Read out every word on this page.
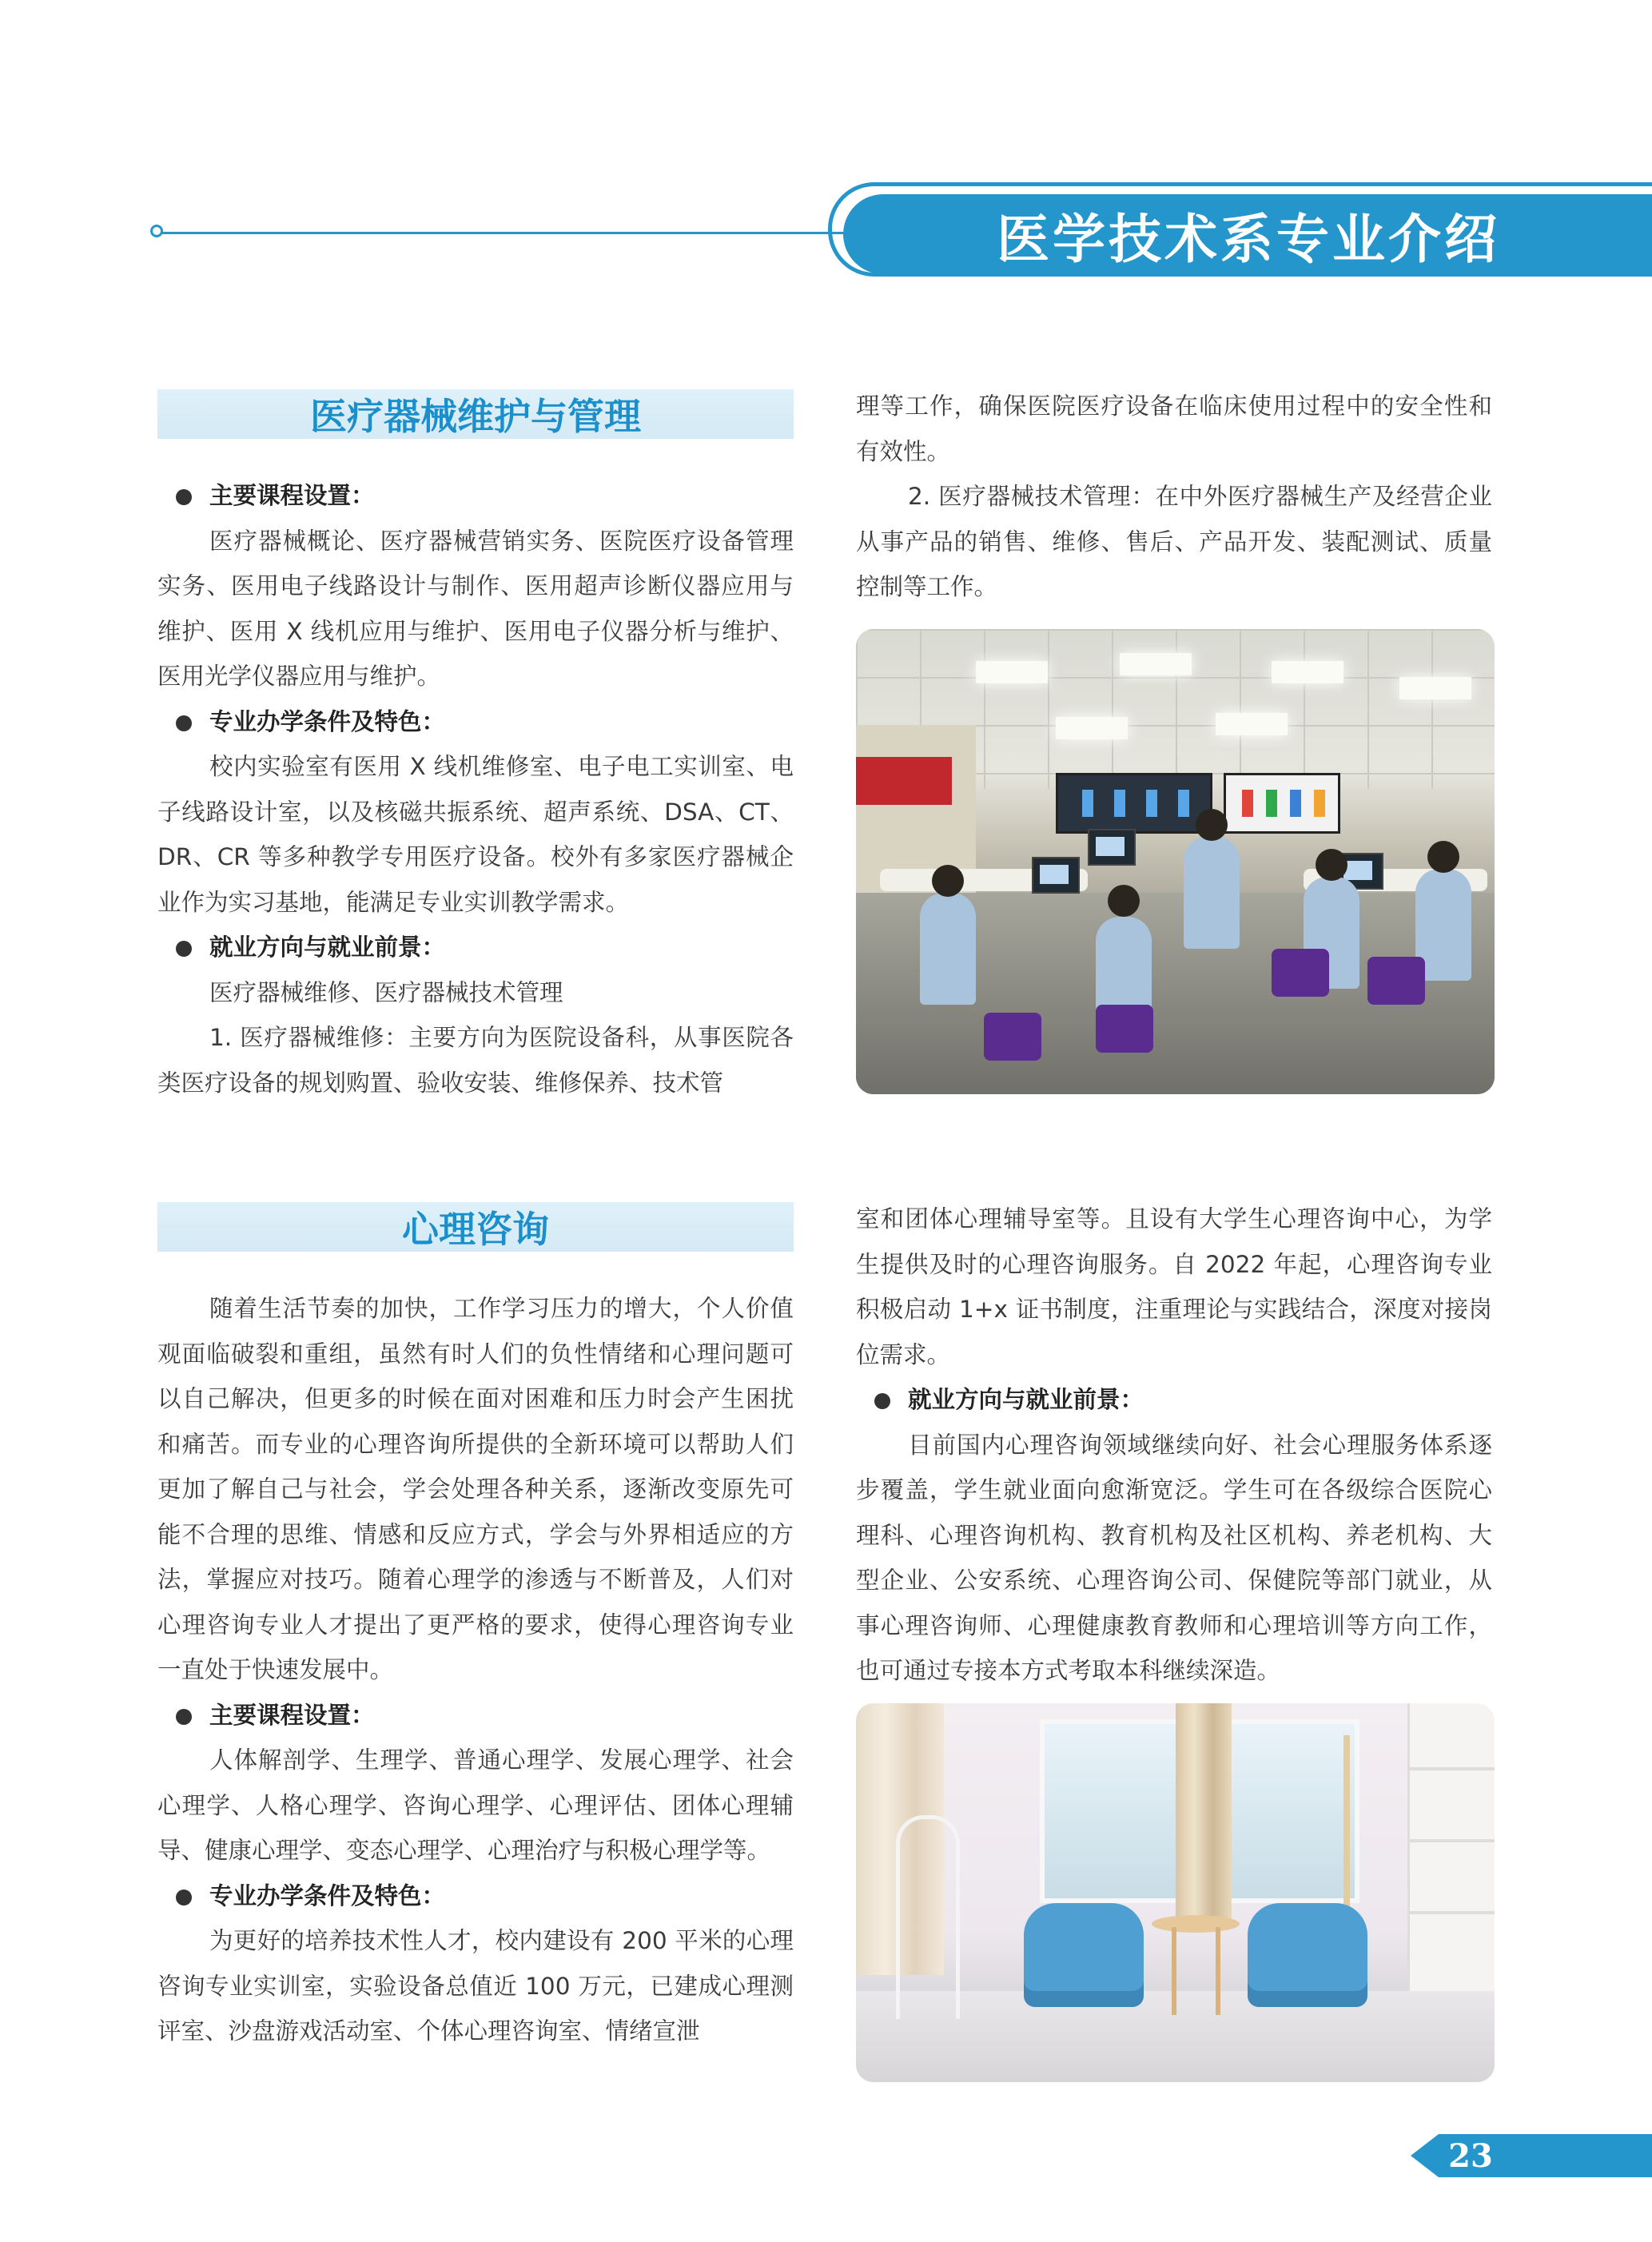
医学技术系专业介绍
医疗器械维护与管理

主要课程设置：

医疗器械概论、医疗器械营销实务、医院医疗设备管理实务、医用电子线路设计与制作、医用超声诊断仪器应用与维护、医用 X 线机应用与维护、医用电子仪器分析与维护、医用光学仪器应用与维护。

专业办学条件及特色：

校内实验室有医用 X 线机维修室、电子电工实训室、电子线路设计室，以及核磁共振系统、超声系统、DSA、CT、DR、CR 等多种教学专用医疗设备。校外有多家医疗器械企业作为实习基地，能满足专业实训教学需求。

就业方向与就业前景：

医疗器械维修、医疗器械技术管理

1. 医疗器械维修：主要方向为医院设备科，从事医院各类医疗设备的规划购置、验收安装、维修保养、技术管

理等工作，确保医院医疗设备在临床使用过程中的安全性和有效性。

2. 医疗器械技术管理：在中外医疗器械生产及经营企业从事产品的销售、维修、售后、产品开发、装配测试、质量控制等工作。

心理咨询

随着生活节奏的加快，工作学习压力的增大，个人价值观面临破裂和重组，虽然有时人们的负性情绪和心理问题可以自己解决，但更多的时候在面对困难和压力时会产生困扰和痛苦。而专业的心理咨询所提供的全新环境可以帮助人们更加了解自己与社会，学会处理各种关系，逐渐改变原先可能不合理的思维、情感和反应方式，学会与外界相适应的方法，掌握应对技巧。随着心理学的渗透与不断普及，人们对心理咨询专业人才提出了更严格的要求，使得心理咨询专业一直处于快速发展中。

主要课程设置：

人体解剖学、生理学、普通心理学、发展心理学、社会心理学、人格心理学、咨询心理学、心理评估、团体心理辅导、健康心理学、变态心理学、心理治疗与积极心理学等。

专业办学条件及特色：

为更好的培养技术性人才，校内建设有 200 平米的心理咨询专业实训室，实验设备总值近 100 万元，已建成心理测评室、沙盘游戏活动室、个体心理咨询室、情绪宣泄

室和团体心理辅导室等。且设有大学生心理咨询中心，为学生提供及时的心理咨询服务。自 2022 年起，心理咨询专业积极启动 1+x 证书制度，注重理论与实践结合，深度对接岗位需求。

就业方向与就业前景：

目前国内心理咨询领域继续向好、社会心理服务体系逐步覆盖，学生就业面向愈渐宽泛。学生可在各级综合医院心理科、心理咨询机构、教育机构及社区机构、养老机构、大型企业、公安系统、心理咨询公司、保健院等部门就业，从事心理咨询师、心理健康教育教师和心理培训等方向工作，也可通过专接本方式考取本科继续深造。

23
